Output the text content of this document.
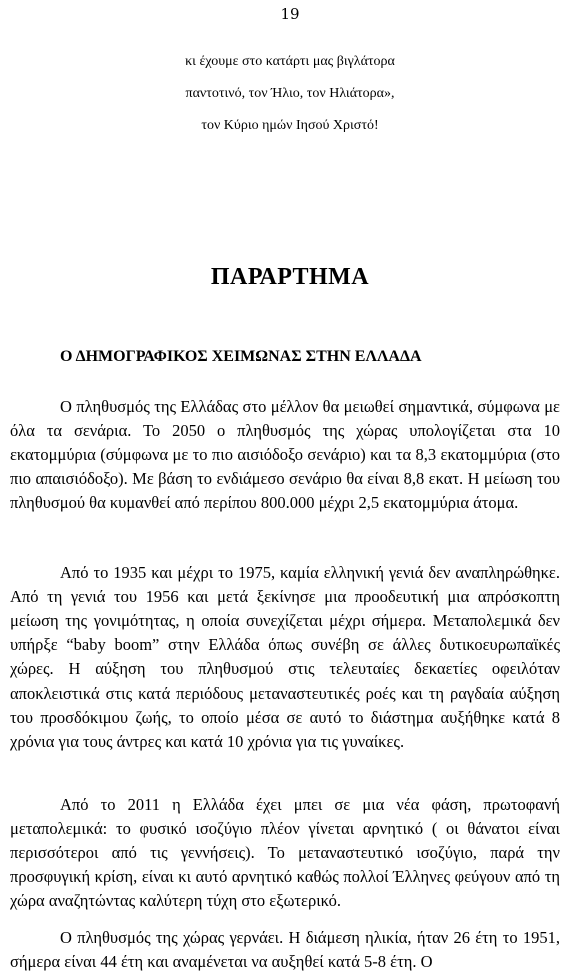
19
κι έχουμε στο κατάρτι μας βιγλάτορα
παντοτινό, τον Ήλιο, τον Ηλιάτορα»,
τον Κύριο ημών Ιησού Χριστό!
ΠΑΡΑΡΤΗΜΑ
Ο ΔΗΜΟΓΡΑΦΙΚΟΣ ΧΕΙΜΩΝΑΣ ΣΤΗΝ ΕΛΛΑΔΑ

Ο πληθυσμός της Ελλάδας στο μέλλον θα μειωθεί σημαντικά, σύμφωνα με όλα τα σενάρια. Το 2050 ο πληθυσμός της χώρας υπολογίζεται στα 10 εκατομμύρια (σύμφωνα με το πιο αισιόδοξο σενάριο) και τα 8,3 εκατομμύρια (στο πιο απαισιόδοξο). Με βάση το ενδιάμεσο σενάριο θα είναι 8,8 εκατ. Η μείωση του πληθυσμού θα κυμανθεί από περίπου 800.000 μέχρι 2,5 εκατομμύρια άτομα.

Από το 1935 και μέχρι το 1975, καμία ελληνική γενιά δεν αναπληρώθηκε. Από τη γενιά του 1956 και μετά ξεκίνησε μια προοδευτική μια απρόσκοπτη μείωση της γονιμότητας, η οποία συνεχίζεται μέχρι σήμερα. Μεταπολεμικά δεν υπήρξε “baby boom” στην Ελλάδα όπως συνέβη σε άλλες δυτικοευρωπαϊκές χώρες. Η αύξηση του πληθυσμού στις τελευταίες δεκαετίες οφειλόταν αποκλειστικά στις κατά περιόδους μεταναστευτικές ροές και τη ραγδαία αύξηση του προσδόκιμου ζωής, το οποίο μέσα σε αυτό το διάστημα αυξήθηκε κατά 8 χρόνια για τους άντρες και κατά 10 χρόνια για τις γυναίκες.

Από το 2011 η Ελλάδα έχει μπει σε μια νέα φάση, πρωτοφανή μεταπολεμικά: το φυσικό ισοζύγιο πλέον γίνεται αρνητικό ( οι θάνατοι είναι περισσότεροι από τις γεννήσεις). Το μεταναστευτικό ισοζύγιο, παρά την προσφυγική κρίση, είναι κι αυτό αρνητικό καθώς πολλοί Έλληνες φεύγουν από τη χώρα αναζητώντας καλύτερη τύχη στο εξωτερικό.

Ο πληθυσμός της χώρας γερνάει. Η διάμεση ηλικία, ήταν 26 έτη το 1951, σήμερα είναι 44 έτη και αναμένεται να αυξηθεί κατά 5-8 έτη. Ο
